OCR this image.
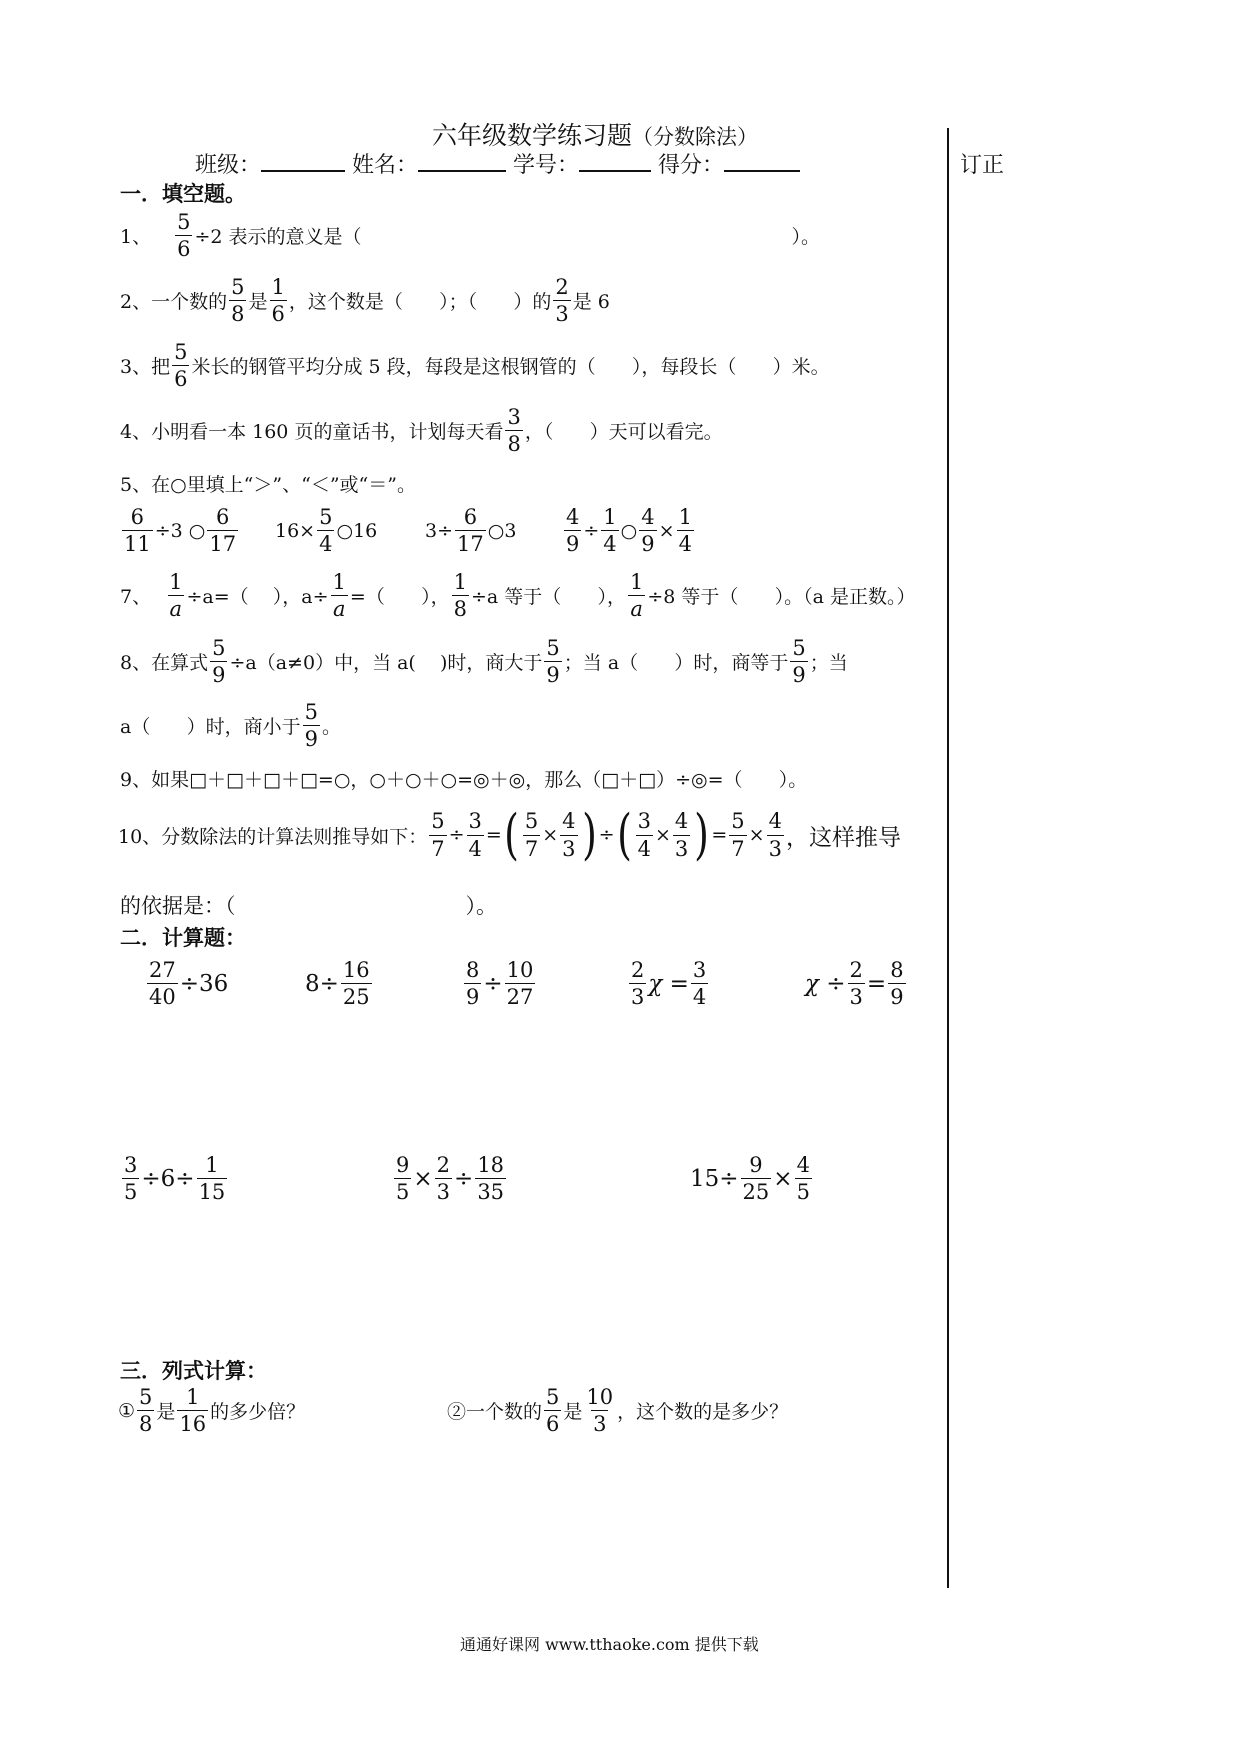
六年级数学练习题（分数除法）
班级：	姓名：	学号：	得分：	订正
一．填空题。
1、 $\frac{5}{6} \div 2$ 表示的意义是（	）。
2、 一个数的 $\frac{5}{8}$ 是 $\frac{1}{6}$ ，这个数是（      ）；（      ）的 $\frac{2}{3}$ 是 6
3、 把 $\frac{5}{6}$ 米长的钢管平均分成 5 段，每段是这根钢管的（      ），每段长（      ）米。
4、 小明看一本 160 页的童话书，计划每天看 $\frac{3}{8}$ ，（      ）天可以看完。
5、 在○里填上“＞”、“＜”或“＝”。
$\frac{6}{11} \div 3$ ○ $\frac{6}{17} 16\times \frac{5}{4}$ ○16	$3\div \frac{6}{17}$ ○3 $\frac{4}{9} \div \frac{1}{4}$ ○ $\frac{4}{9} \times \frac{1}{4}$
7、 $\frac{1}{a} \div a=$（    ），$a\div \frac{1}{a}$ =（      ）， $\frac{1}{8} \div a$ 等于（      ）， $\frac{1}{a} \div 8$ 等于（      ）。（a 是正数。）
8、 在算式 $\frac{5}{9} \div a(a\ne 0)$中，当 a(    )时，商大于 $\frac{5}{9}$ ；当 a（      ）时，商等于 $\frac{5}{9}$ ；当
a（      ）时，商小于 $\frac{5}{9}$ 。
9、 如果□＋□＋□＋□=○，○＋○＋○=◎＋◎，那么（□＋□）÷◎=（      ）。
10、 分数除法的计算法则推导如下： $\frac{5}{7} \div \frac{3}{4}$ = ( $\frac{5}{7} \times \frac{4}{3}$ ) ÷ ( $\frac{3}{4} \times \frac{4}{3}$ ) = $\frac{5}{7} \times \frac{4}{3}$ ，这样推导
的依据是：（	）。
二．计算题：
$\frac{27}{40} \div 36$	$8\div \frac{16}{25}$	$\frac{8}{9} \div \frac{10}{27}$	$\frac{2}{3}$ $\chi = \frac{3}{4}$	$\chi \div \frac{2}{3} = \frac{8}{9}$
$\frac{3}{5} \div 6\div \frac{1}{15}$	$\frac{9}{5} \times \frac{2}{3} \div \frac{18}{35}$	$15\div \frac{9}{25} \times \frac{4}{5}$
三．列式计算：
① $\frac{5}{8}$ 是 $\frac{1}{16}$ 的多少倍？	②一个数的 $\frac{5}{6}$ 是 $\frac{10}{3}$ ，这个数的是多少？
通通好课网 www.tthaoke.com 提供下载
